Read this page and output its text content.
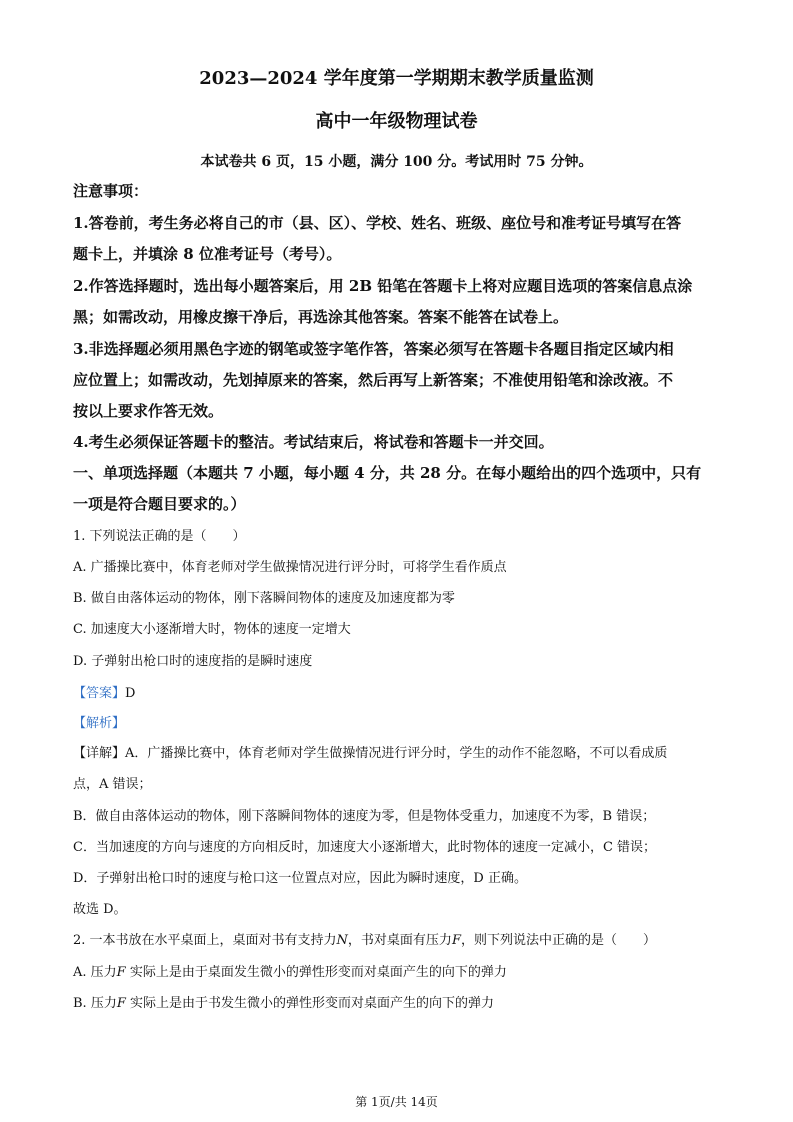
2023—2024 学年度第一学期期末教学质量监测
高中一年级物理试卷
本试卷共 6 页，15 小题，满分 100 分。考试用时 75 分钟。
注意事项：
1.答卷前，考生务必将自己的市（县、区）、学校、姓名、班级、座位号和准考证号填写在答
题卡上，并填涂 8 位准考证号（考号）。
2.作答选择题时，选出每小题答案后，用 2B 铅笔在答题卡上将对应题目选项的答案信息点涂
黑；如需改动，用橡皮擦干净后，再选涂其他答案。答案不能答在试卷上。
3.非选择题必须用黑色字迹的钢笔或签字笔作答，答案必须写在答题卡各题目指定区域内相
应位置上；如需改动，先划掉原来的答案，然后再写上新答案；不准使用铅笔和涂改液。不
按以上要求作答无效。
4.考生必须保证答题卡的整洁。考试结束后，将试卷和答题卡一并交回。
一、单项选择题（本题共 7 小题，每小题 4 分，共 28 分。在每小题给出的四个选项中，只有
一项是符合题目要求的。）
1. 下列说法正确的是（　　）
A. 广播操比赛中，体育老师对学生做操情况进行评分时，可将学生看作质点
B. 做自由落体运动的物体，刚下落瞬间物体的速度及加速度都为零
C. 加速度大小逐渐增大时，物体的速度一定增大
D. 子弹射出枪口时的速度指的是瞬时速度
【答案】D
【解析】
【详解】A．广播操比赛中，体育老师对学生做操情况进行评分时，学生的动作不能忽略，不可以看成质
点，A 错误；
B．做自由落体运动的物体，刚下落瞬间物体的速度为零，但是物体受重力，加速度不为零，B 错误；
C．当加速度的方向与速度的方向相反时，加速度大小逐渐增大，此时物体的速度一定减小，C 错误；
D．子弹射出枪口时的速度与枪口这一位置点对应，因此为瞬时速度，D 正确。
故选 D。
2. 一本书放在水平桌面上，桌面对书有支持力N，书对桌面有压力F，则下列说法中正确的是（　　）
A. 压力F 实际上是由于桌面发生微小的弹性形变而对桌面产生的向下的弹力
B. 压力F 实际上是由于书发生微小的弹性形变而对桌面产生的向下的弹力
第 1页/共 14页
